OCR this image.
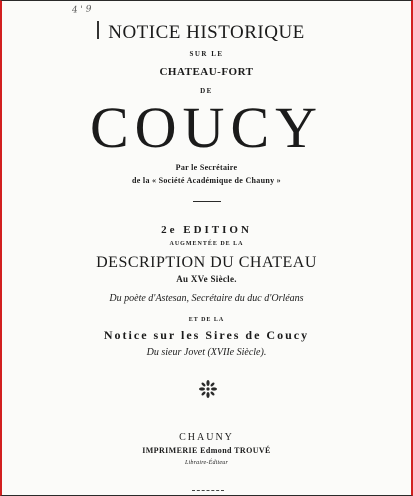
4 ' 9
NOTICE HISTORIQUE
SUR LE
CHATEAU-FORT
DE
COUCY
Par le Secrétaire
de la « Société Académique de Chauny »
2e EDITION
AUGMENTÉE DE LA
DESCRIPTION DU CHATEAU
Au XVe Siècle.
Du poète d'Astesan, Secrétaire du duc d'Orléans
ET DE LA
Notice sur les Sires de Coucy
Du sieur Jovet (XVIIe Siècle).
CHAUNY
IMPRIMERIE Edmond TROUVÉ
Libraire-Éditeur
